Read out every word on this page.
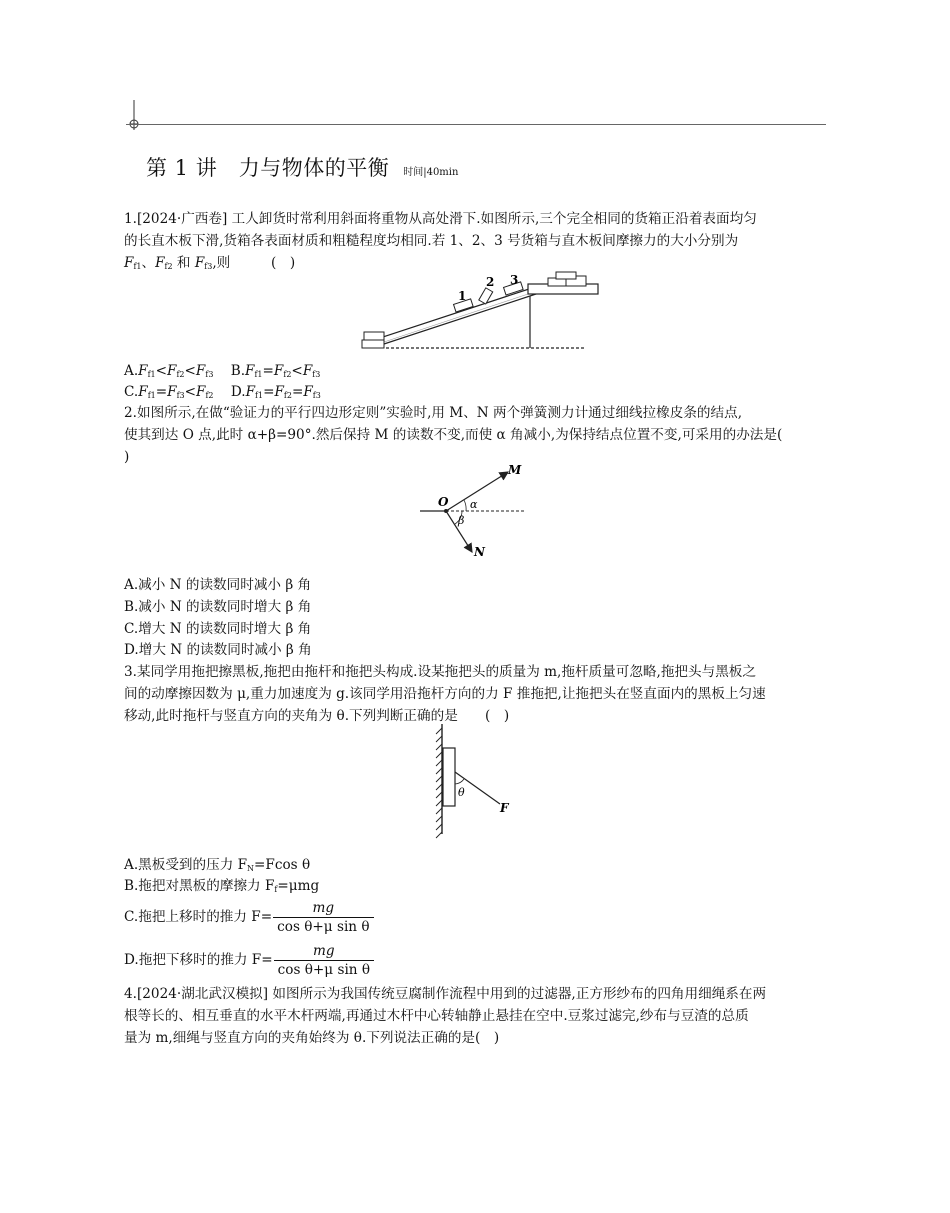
第 1 讲　力与物体的平衡 时间|40min
1.[2024·广西卷] 工人卸货时常利用斜面将重物从高处滑下.如图所示,三个完全相同的货箱正沿着表面均匀
的长直木板下滑,货箱各表面材质和粗糙程度均相同.若 1、2、3 号货箱与直木板间摩擦力的大小分别为
$F_{f1}$、$F_{f2}$ 和 $F_{f3}$,则　　　(　)
1
2 3
$A.F_{f1}<F_{f2}<F_{f3}$ $B.F_{f1}=F_{f2}<F_{f3}$
$C.F_{f1}=F_{f3}<F_{f2}$ $D.F_{f1}=F_{f2}=F_{f3}$
2.如图所示,在做“验证力的平行四边形定则”实验时,用 M、N 两个弹簧测力计通过细线拉橡皮条的结点,
使其到达 O 点,此时 α+β=90°.然后保持 M 的读数不变,而使 α 角减小,为保持结点位置不变,可采用的办法是(
)
O
M
N
α
β
A.减小 N 的读数同时减小 β 角
B.减小 N 的读数同时增大 β 角
C.增大 N 的读数同时增大 β 角
D.增大 N 的读数同时减小 β 角
3.某同学用拖把擦黑板,拖把由拖杆和拖把头构成.设某拖把头的质量为 m,拖杆质量可忽略,拖把头与黑板之
间的动摩擦因数为 μ,重力加速度为 g.该同学用沿拖杆方向的力 F 推拖把,让拖把头在竖直面内的黑板上匀速
移动,此时拖杆与竖直方向的夹角为 θ.下列判断正确的是　　(　)
θ
F
A.黑板受到的压力 $F_N=Fcos$ θ
B.拖把对黑板的摩擦力 $F_f=\mu mg$
C.拖把上移时的推力 $F= \frac{mg}{\text{cos θ+μ sin θ}}$
D.拖把下移时的推力 $F= \frac{mg}{\text{cos θ+μ sin θ}}$
4.[2024·湖北武汉模拟] 如图所示为我国传统豆腐制作流程中用到的过滤器,正方形纱布的四角用细绳系在两
根等长的、相互垂直的水平木杆两端,再通过木杆中心转轴静止悬挂在空中.豆浆过滤完,纱布与豆渣的总质
量为 m,细绳与竖直方向的夹角始终为 θ.下列说法正确的是(　)
